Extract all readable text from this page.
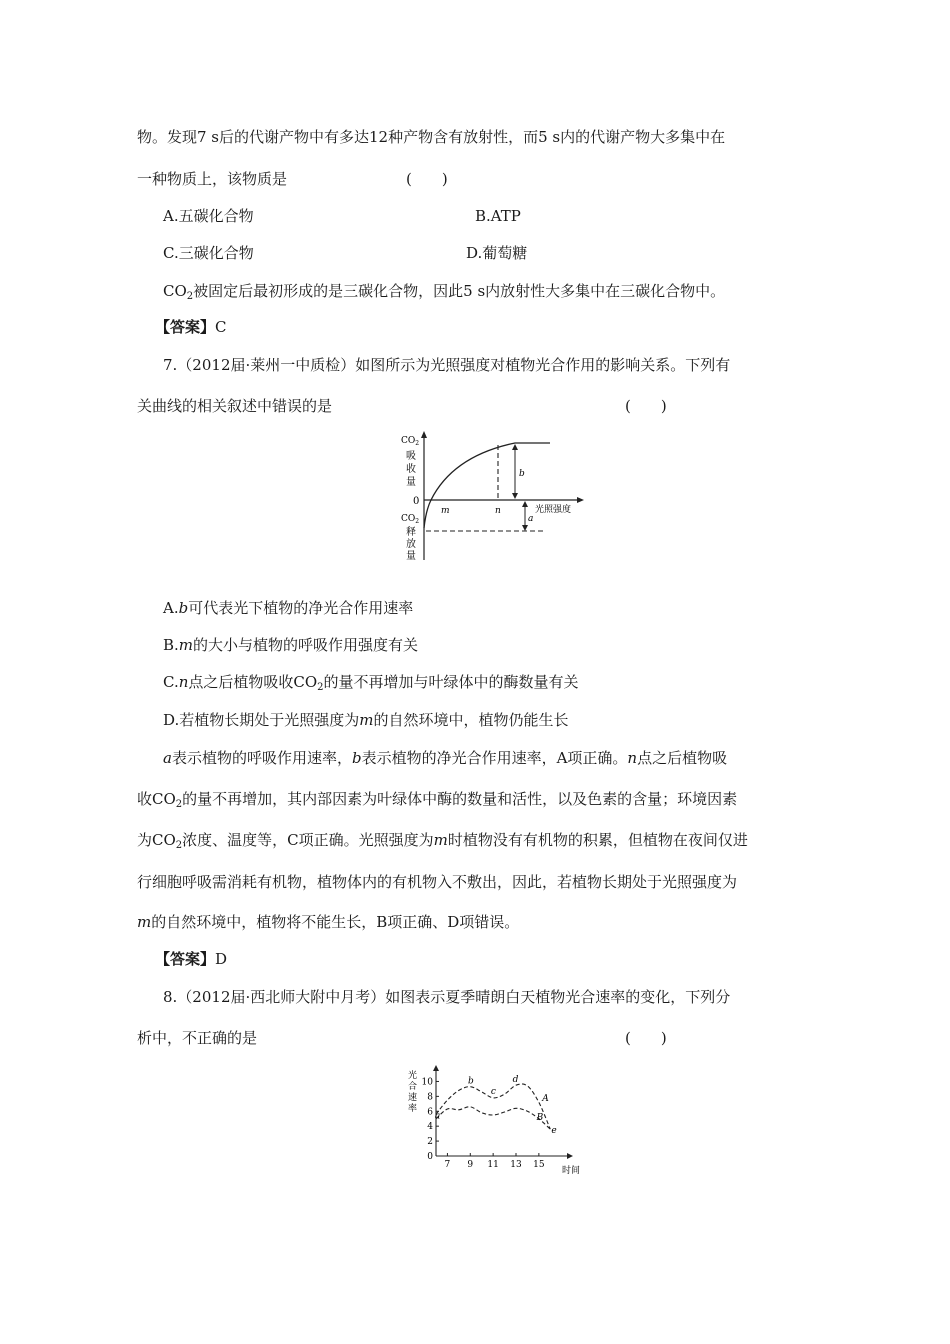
物。发现7 s后的代谢产物中有多达12种产物含有放射性，而5 s内的代谢产物大多集中在
一种物质上，该物质是	(　　)
A.五碳化合物	B.ATP
C.三碳化合物	D.葡萄糖
$CO_2$被固定后最初形成的是三碳化合物，因此5 s内放射性大多集中在三碳化合物中。
【答案】C
7.（2012届·莱州一中质检）如图所示为光照强度对植物光合作用的影响关系。下列有
关曲线的相关叙述中错误的是	(　　)
$CO_2$
吸
收
量
0
$CO_2$
释
放
量
m	n
b
a
光照强度
A.b可代表光下植物的净光合作用速率
B.m的大小与植物的呼吸作用强度有关
C.n点之后植物吸收$CO_2$的量不再增加与叶绿体中的酶数量有关
D.若植物长期处于光照强度为m的自然环境中，植物仍能生长
a表示植物的呼吸作用速率，b表示植物的净光合作用速率，A项正确。n点之后植物吸
收$CO_2$的量不再增加，其内部因素为叶绿体中酶的数量和活性，以及色素的含量；环境因素
为$CO_2$浓度、温度等，C项正确。光照强度为m时植物没有有机物的积累，但植物在夜间仅进
行细胞呼吸需消耗有机物，植物体内的有机物入不敷出，因此，若植物长期处于光照强度为
m的自然环境中，植物将不能生长，B项正确、D项错误。
【答案】D
8.（2012届·西北师大附中月考）如图表示夏季晴朗白天植物光合速率的变化，下列分
析中，不正确的是	(　　)
光
合
速
率
10
8
6
4
2
0
7 9 11 13 15
时间
A
B
a
b
c
d
e
